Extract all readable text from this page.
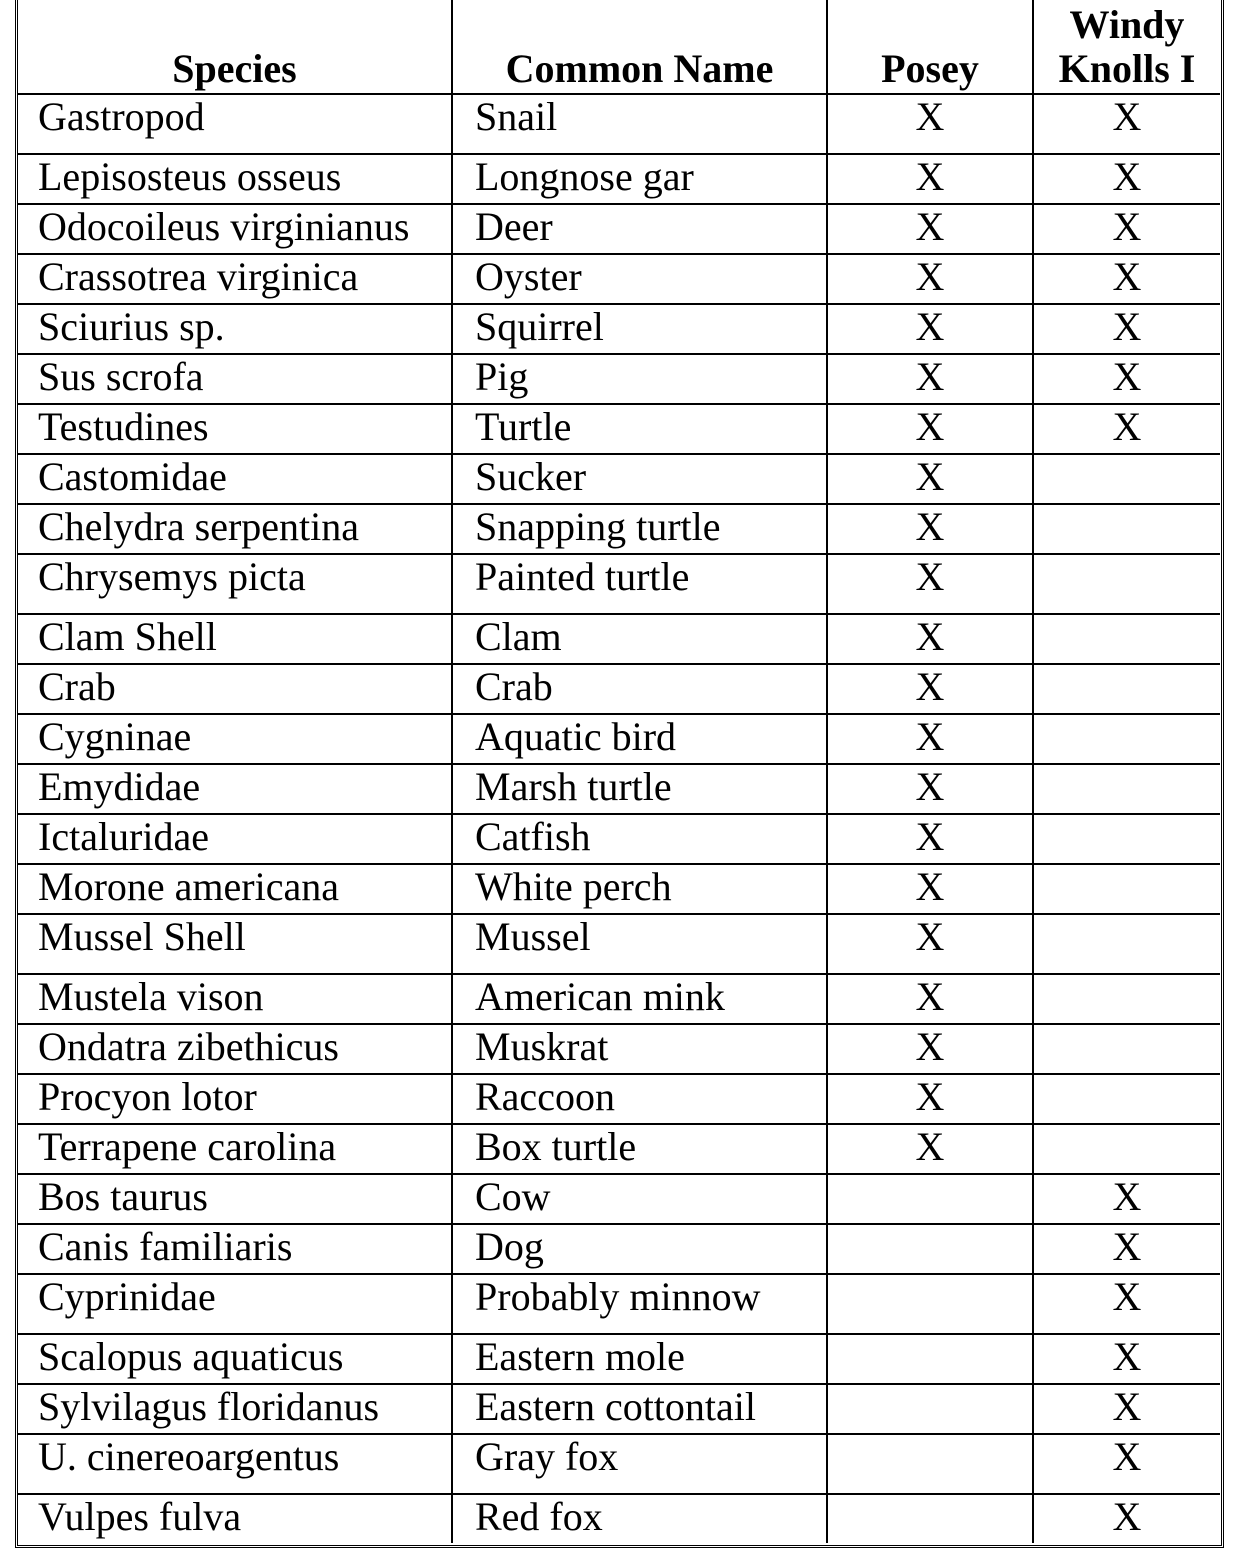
Species	Common Name	Posey	Windy
Knolls I
Gastropod	Snail	X	X
Lepisosteus osseus	Longnose gar	X	X
Odocoileus virginianus	Deer	X	X
Crassotrea virginica	Oyster	X	X
Sciurius sp.	Squirrel	X	X
Sus scrofa	Pig	X	X
Testudines	Turtle	X	X
Castomidae	Sucker	X	
Chelydra serpentina	Snapping turtle	X	
Chrysemys picta	Painted turtle	X	
Clam Shell	Clam	X	
Crab	Crab	X	
Cygninae	Aquatic bird	X	
Emydidae	Marsh turtle	X	
Ictaluridae	Catfish	X	
Morone americana	White perch	X	
Mussel Shell	Mussel	X	
Mustela vison	American mink	X	
Ondatra zibethicus	Muskrat	X	
Procyon lotor	Raccoon	X	
Terrapene carolina	Box turtle	X	
Bos taurus	Cow		X
Canis familiaris	Dog		X
Cyprinidae	Probably minnow		X
Scalopus aquaticus	Eastern mole		X
Sylvilagus floridanus	Eastern cottontail		X
U. cinereoargentus	Gray fox		X
Vulpes fulva	Red fox		X
